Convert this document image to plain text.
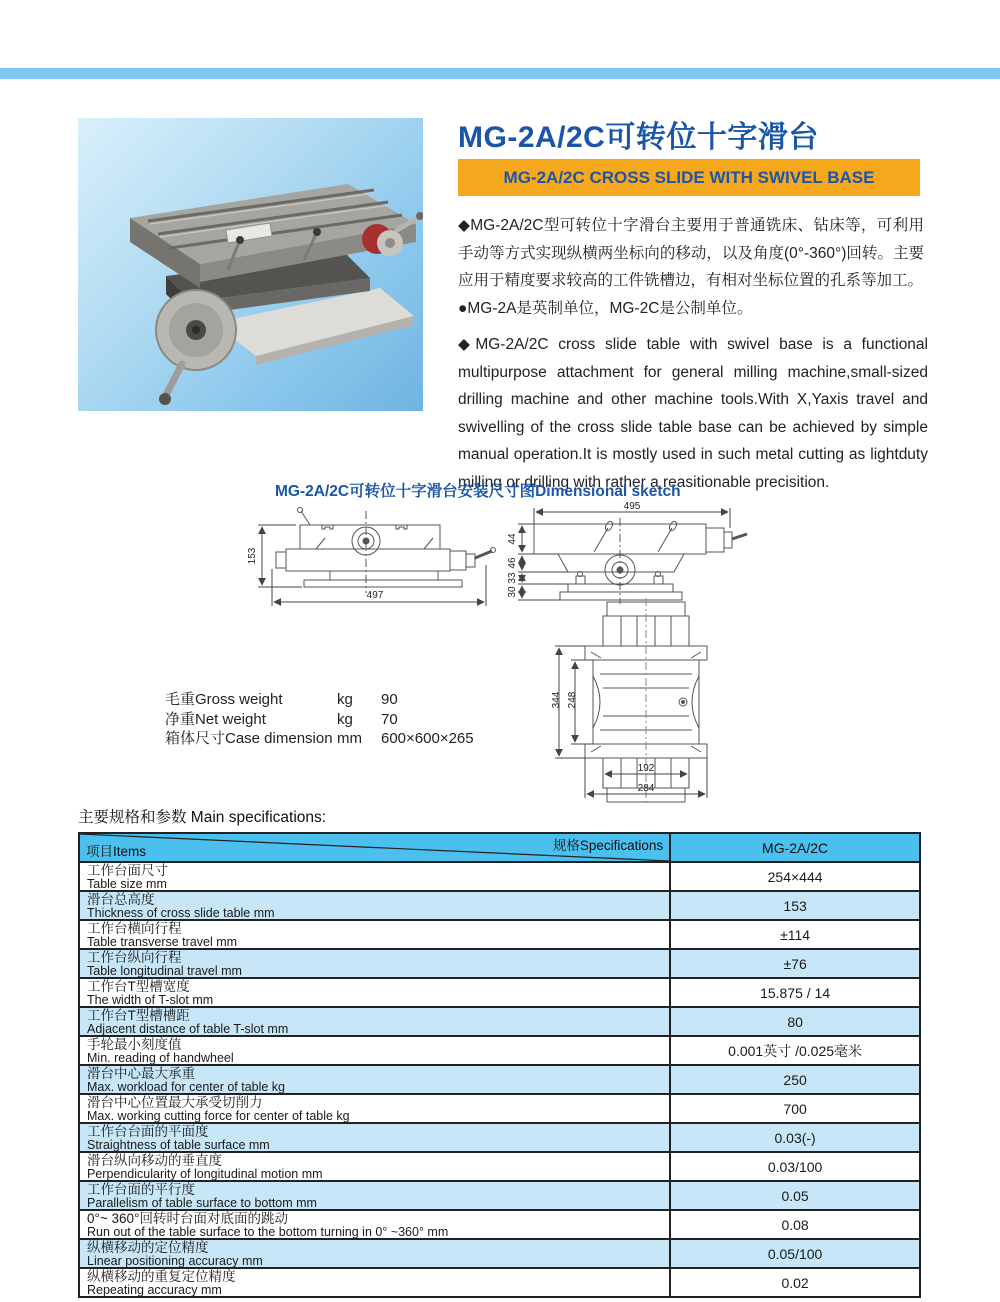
MG-2A/2C可转位十字滑台
MG-2A/2C CROSS SLIDE WITH SWIVEL BASE

◆MG-2A/2C型可转位十字滑台主要用于普通铣床、钻床等，可利用手动等方式实现纵横两坐标向的移动，以及角度(0°-360°)回转。主要应用于精度要求较高的工件铣槽边，有相对坐标位置的孔系等加工。

●MG-2A是英制单位，MG-2C是公制单位。

◆MG-2A/2C cross slide table with swivel base is a functional multipurpose attachment for general milling machine,small-sized drilling machine and other machine tools.With X,Yaxis travel and swivelling of the cross slide table base can be achieved by simple manual operation.It is mostly used in such metal cutting as lightduty milling or drilling with rather a reasitionable precisition.
MG-2A/2C可转位十字滑台安装尺寸图Dimensional sketch
497
153
495
44
46
33
30
344 248
192
284
毛重Gross weight	kg	90
净重Net weight	kg	70
箱体尺寸Case dimension mm	600×600×265
主要规格和参数 Main specifications:
项目Items	规格Specifications	MG-2A/2C
工作台面尺寸
Table size mm	254×444
滑台总高度
Thickness of cross slide table mm	153
工作台横向行程
Table transverse travel mm	±114
工作台纵向行程
Table longitudinal travel mm	±76
工作台T型槽宽度
The width of T-slot mm	15.875 / 14
工作台T型槽槽距
Adjacent distance of table T-slot mm	80
手轮最小刻度值
Min. reading of handwheel	0.001英寸 /0.025毫米
滑台中心最大承重
Max. workload for center of table kg	250
滑台中心位置最大承受切削力
Max. working cutting force for center of table kg	700
工作台台面的平面度
Straightness of table surface mm	0.03(-)
滑台纵向移动的垂直度
Perpendicularity of longitudinal motion mm	0.03/100
工作台面的平行度
Parallelism of table surface to bottom mm	0.05
0°~ 360°回转时台面对底面的跳动
Run out of the table surface to the bottom turning in 0° ~360° mm	0.08
纵横移动的定位精度
Linear positioning accuracy mm	0.05/100
纵横移动的重复定位精度
Repeating accuracy mm	0.02
